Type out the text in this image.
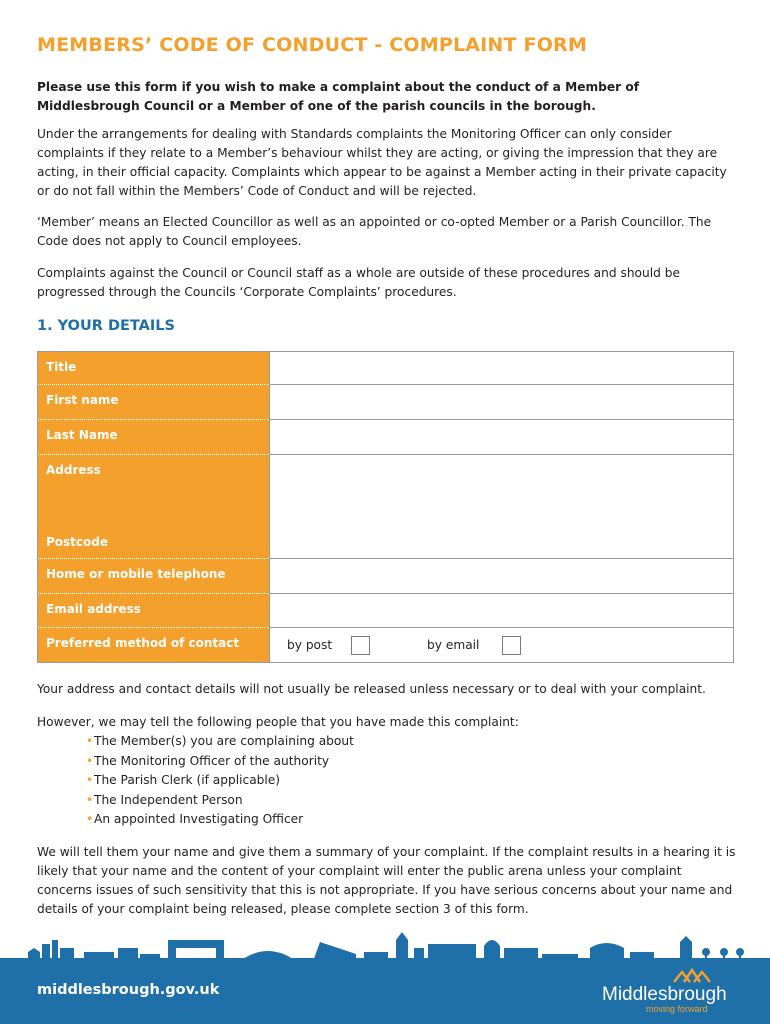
MEMBERS’ CODE OF CONDUCT - COMPLAINT FORM
Please use this form if you wish to make a complaint about the conduct of a Member of Middlesbrough Council or a Member of one of the parish councils in the borough.
Under the arrangements for dealing with Standards complaints the Monitoring Officer can only consider complaints if they relate to a Member’s behaviour whilst they are acting, or giving the impression that they are acting, in their official capacity. Complaints which appear to be against a Member acting in their private capacity or do not fall within the Members’ Code of Conduct and will be rejected.
‘Member’ means an Elected Councillor as well as an appointed or co-opted Member or a Parish Councillor. The Code does not apply to Council employees.
Complaints against the Council or Council staff as a whole are outside of these procedures and should be progressed through the Councils ‘Corporate Complaints’ procedures.
1. YOUR DETAILS
Title
First name
Last Name
Address
Postcode
Home or mobile telephone
Email address
Preferred method of contact	by post	by email
Your address and contact details will not usually be released unless necessary or to deal with your complaint.
However, we may tell the following people that you have made this complaint:
• The Member(s) you are complaining about
• The Monitoring Officer of the authority
• The Parish Clerk (if applicable)
• The Independent Person
• An appointed Investigating Officer
We will tell them your name and give them a summary of your complaint. If the complaint results in a hearing it is likely that your name and the content of your complaint will enter the public arena unless your complaint concerns issues of such sensitivity that this is not appropriate. If you have serious concerns about your name and details of your complaint being released, please complete section 3 of this form.
middlesbrough.gov.uk	Middlesbrough
moving forward
